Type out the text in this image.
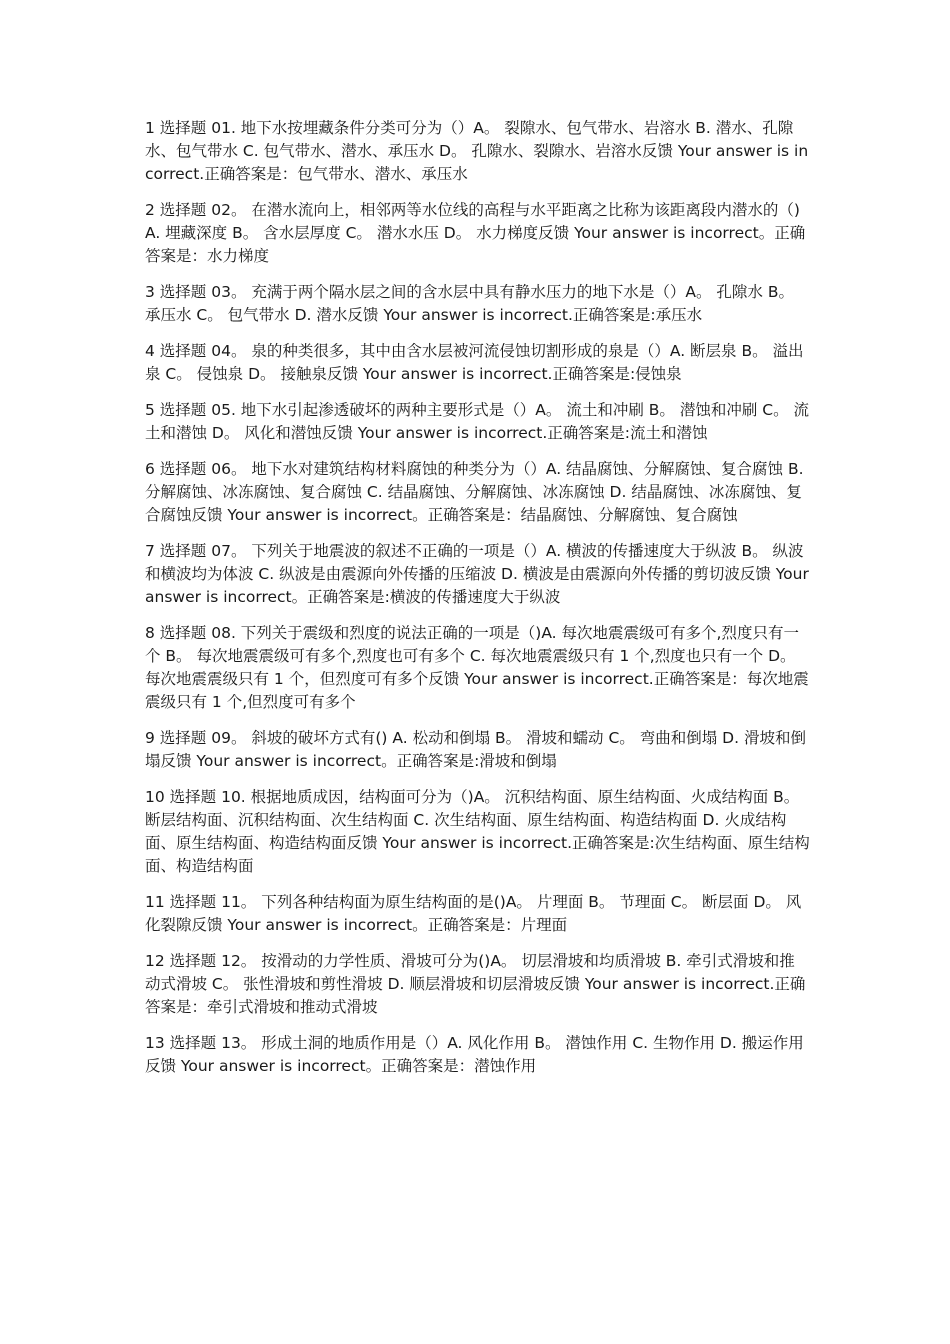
1 选择题 01. 地下水按埋藏条件分类可分为（）A。 裂隙水、包气带水、岩溶水 B. 潜水、孔隙水、包气带水 C. 包气带水、潜水、承压水 D。 孔隙水、裂隙水、岩溶水反馈 Your answer is incorrect.正确答案是：包气带水、潜水、承压水

2 选择题 02。 在潜水流向上，相邻两等水位线的高程与水平距离之比称为该距离段内潜水的（)A. 埋藏深度 B。 含水层厚度 C。 潜水水压 D。 水力梯度反馈 Your answer is incorrect。正确答案是：水力梯度

3 选择题 03。 充满于两个隔水层之间的含水层中具有静水压力的地下水是（）A。 孔隙水 B。 承压水 C。 包气带水 D. 潜水反馈 Your answer is incorrect.正确答案是:承压水

4 选择题 04。 泉的种类很多，其中由含水层被河流侵蚀切割形成的泉是（）A. 断层泉 B。 溢出泉 C。 侵蚀泉 D。 接触泉反馈 Your answer is incorrect.正确答案是:侵蚀泉

5 选择题 05. 地下水引起渗透破坏的两种主要形式是（）A。 流土和冲刷 B。 潜蚀和冲刷 C。 流土和潜蚀 D。 风化和潜蚀反馈 Your answer is incorrect.正确答案是:流土和潜蚀

6 选择题 06。 地下水对建筑结构材料腐蚀的种类分为（）A. 结晶腐蚀、分解腐蚀、复合腐蚀 B. 分解腐蚀、冰冻腐蚀、复合腐蚀 C. 结晶腐蚀、分解腐蚀、冰冻腐蚀 D. 结晶腐蚀、冰冻腐蚀、复合腐蚀反馈 Your answer is incorrect。正确答案是：结晶腐蚀、分解腐蚀、复合腐蚀

7 选择题 07。 下列关于地震波的叙述不正确的一项是（）A. 横波的传播速度大于纵波 B。 纵波和横波均为体波 C. 纵波是由震源向外传播的压缩波 D. 横波是由震源向外传播的剪切波反馈 Your answer is incorrect。正确答案是:横波的传播速度大于纵波

8 选择题 08. 下列关于震级和烈度的说法正确的一项是（)A. 每次地震震级可有多个,烈度只有一个 B。 每次地震震级可有多个,烈度也可有多个 C. 每次地震震级只有 1 个,烈度也只有一个 D。 每次地震震级只有 1 个，但烈度可有多个反馈 Your answer is incorrect.正确答案是：每次地震震级只有 1 个,但烈度可有多个

9 选择题 09。 斜坡的破坏方式有() A. 松动和倒塌 B。 滑坡和蠕动 C。 弯曲和倒塌 D. 滑坡和倒塌反馈 Your answer is incorrect。正确答案是:滑坡和倒塌

10 选择题 10. 根据地质成因，结构面可分为（)A。 沉积结构面、原生结构面、火成结构面 B。 断层结构面、沉积结构面、次生结构面 C. 次生结构面、原生结构面、构造结构面 D. 火成结构面、原生结构面、构造结构面反馈 Your answer is incorrect.正确答案是:次生结构面、原生结构面、构造结构面

11 选择题 11。 下列各种结构面为原生结构面的是()A。 片理面 B。 节理面 C。 断层面 D。 风化裂隙反馈 Your answer is incorrect。正确答案是：片理面

12 选择题 12。 按滑动的力学性质、滑坡可分为()A。 切层滑坡和均质滑坡 B. 牵引式滑坡和推动式滑坡 C。 张性滑坡和剪性滑坡 D. 顺层滑坡和切层滑坡反馈 Your answer is incorrect.正确答案是：牵引式滑坡和推动式滑坡

13 选择题 13。 形成土洞的地质作用是（）A. 风化作用 B。 潜蚀作用 C. 生物作用 D. 搬运作用反馈 Your answer is incorrect。正确答案是：潜蚀作用
